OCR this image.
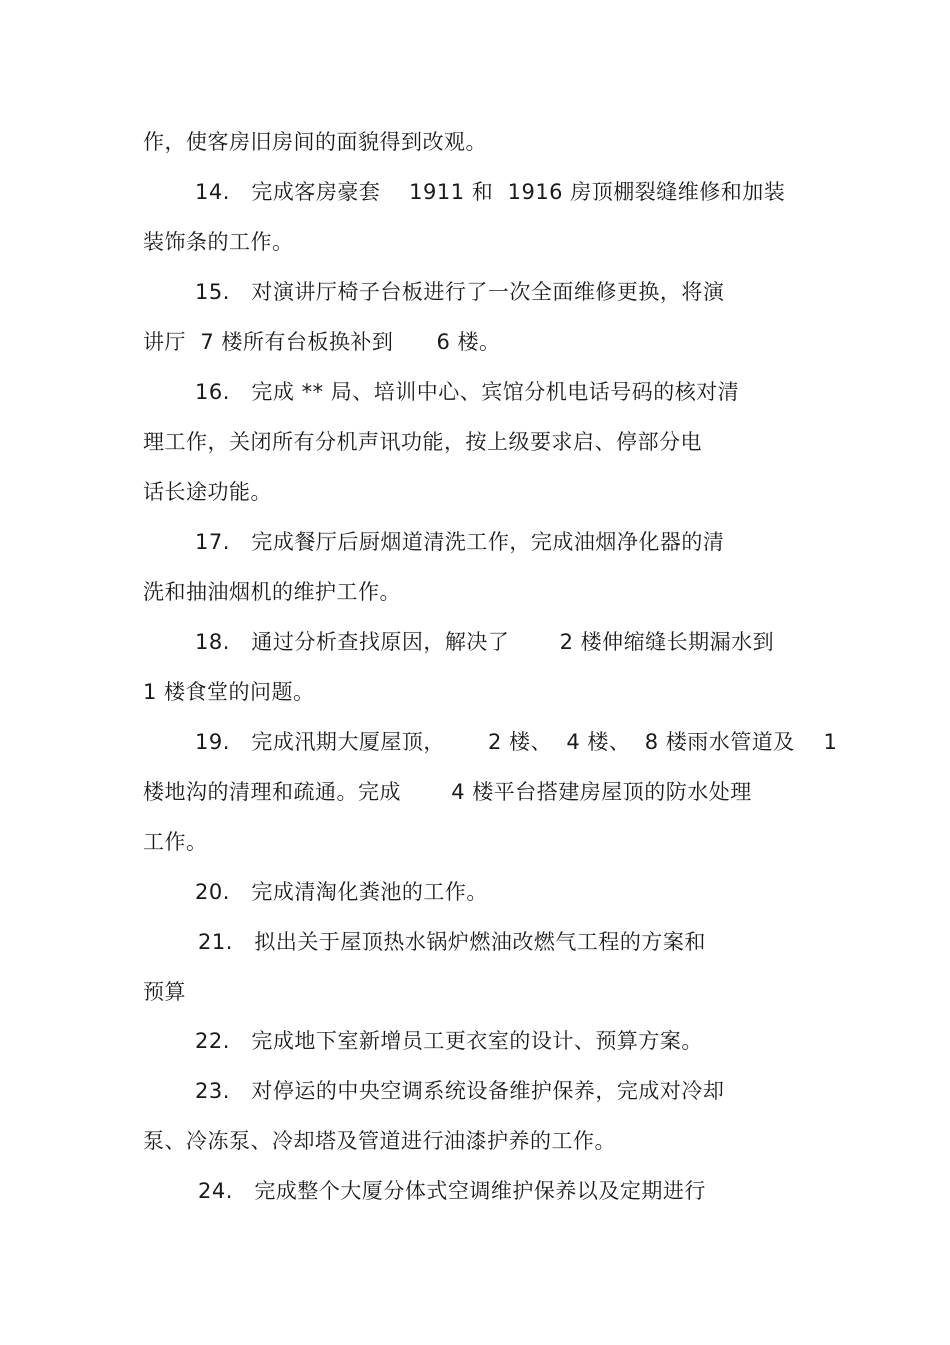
作，使客房旧房间的面貌得到改观。
14.   完成客房豪套    1911 和  1916 房顶棚裂缝维修和加装
装饰条的工作。
15.   对演讲厅椅子台板进行了一次全面维修更换，将演
讲厅  7 楼所有台板换补到      6 楼。
16.   完成 ** 局、培训中心、宾馆分机电话号码的核对清
理工作，关闭所有分机声讯功能，按上级要求启、停部分电
话长途功能。
17.   完成餐厅后厨烟道清洗工作，完成油烟净化器的清
洗和抽油烟机的维护工作。
18.   通过分析查找原因，解决了       2 楼伸缩缝长期漏水到
1 楼食堂的问题。
19.   完成汛期大厦屋顶，      2 楼、  4 楼、  8 楼雨水管道及    1
楼地沟的清理和疏通。完成       4 楼平台搭建房屋顶的防水处理
工作。
20.   完成清淘化粪池的工作。
21.   拟出关于屋顶热水锅炉燃油改燃气工程的方案和
预算
22.   完成地下室新增员工更衣室的设计、预算方案。
23.   对停运的中央空调系统设备维护保养，完成对冷却
泵、冷冻泵、冷却塔及管道进行油漆护养的工作。
24.   完成整个大厦分体式空调维护保养以及定期进行
